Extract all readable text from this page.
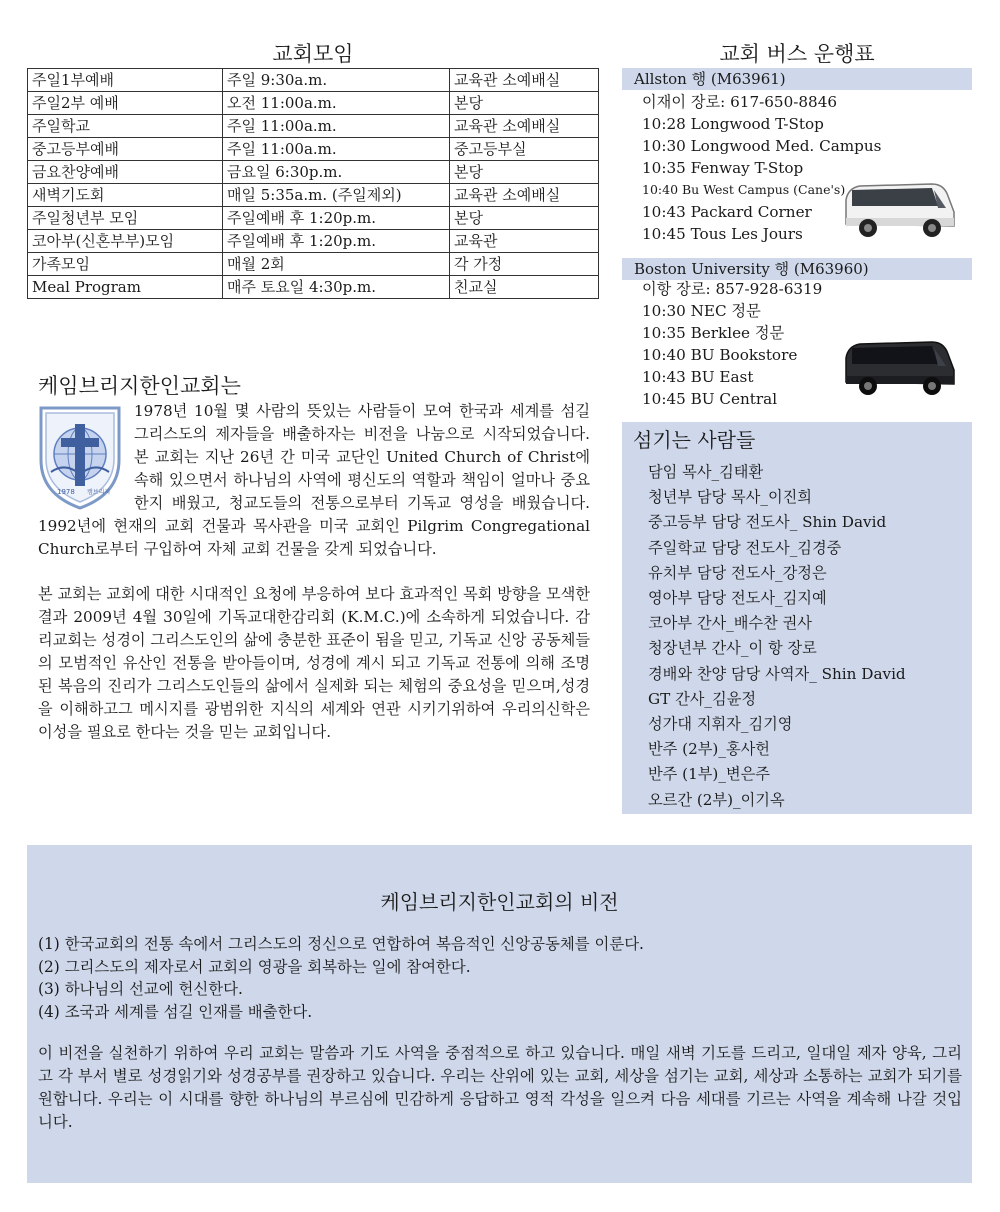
교회모임
주일1부예배	주일 9:30a.m.	교육관 소예배실
주일2부 예배	오전 11:00a.m.	본당
주일학교	주일 11:00a.m.	교육관 소예배실
중고등부예배	주일 11:00a.m.	중고등부실
금요찬양예배	금요일 6:30p.m.	본당
새벽기도회	매일 5:35a.m. (주일제외)	교육관 소예배실
주일청년부 모임	주일예배 후 1:20p.m.	본당
코아부(신혼부부)모임	주일예배 후 1:20p.m.	교육관
가족모임	매월 2회	각 가정
Meal Program	매주 토요일 4:30p.m.	친교실
케임브리지한인교회는

1978년 10월 몇 사람의 뜻있는 사람들이 모여 한국과 세계를 섬길 그리스도의 제자들을 배출하자는 비전을 나눔으로 시작되었습니다. 본 교회는 지난 26년 간 미국 교단인 United Church of Christ에 속해 있으면서 하나님의 사역에 평신도의 역할과 책임이 얼마나 중요한지 배웠고, 청교도들의 전통으로부터 기독교 영성을 배웠습니다. 1992년에 현재의 교회 건물과 목사관을 미국 교회인 Pilgrim Congregational Church로부터 구입하여 자체 교회 건물을 갖게 되었습니다.

본 교회는 교회에 대한 시대적인 요청에 부응하여 보다 효과적인 목회 방향을 모색한 결과 2009년 4월 30일에 기독교대한감리회 (K.M.C.)에 소속하게 되었습니다. 감리교회는 성경이 그리스도인의 삶에 충분한 표준이 됨을 믿고, 기독교 신앙 공동체들의 모범적인 유산인 전통을 받아들이며, 성경에 계시 되고 기독교 전통에 의해 조명된 복음의 진리가 그리스도인들의 삶에서 실제화 되는 체험의 중요성을 믿으며,성경을 이해하고그 메시지를 광범위한 지식의 세계와 연관 시키기위하여 우리의신학은 이성을 필요로 한다는 것을 믿는 교회입니다.

1978 캠브리지
교회 버스 운행표
Allston 행 (M63961)
이재이 장로: 617-650-8846
10:28 Longwood T-Stop
10:30 Longwood Med. Campus
10:35 Fenway T-Stop
10:40 Bu West Campus (Cane's)
10:43 Packard Corner
10:45 Tous Les Jours
Boston University 행 (M63960)
이항 장로: 857-928-6319
10:30 NEC 정문
10:35 Berklee 정문
10:40 BU Bookstore
10:43 BU East
10:45 BU Central
섬기는 사람들
담임 목사_김태환
청년부 담당 목사_이진희
중고등부 담당 전도사_ Shin David
주일학교 담당 전도사_김경중
유치부 담당 전도사_강정은
영아부 담당 전도사_김지예
코아부 간사_배수찬 권사
청장년부 간사_이 항 장로
경배와 찬양 담당 사역자_ Shin David
GT 간사_김윤정
성가대 지휘자_김기영
반주 (2부)_홍사헌
반주 (1부)_변은주
오르간 (2부)_이기옥
케임브리지한인교회의 비전
(1) 한국교회의 전통 속에서 그리스도의 정신으로 연합하여 복음적인 신앙공동체를 이룬다.
(2) 그리스도의 제자로서 교회의 영광을 회복하는 일에 참여한다.
(3) 하나님의 선교에 헌신한다.
(4) 조국과 세계를 섬길 인재를 배출한다.
이 비전을 실천하기 위하여 우리 교회는 말씀과 기도 사역을 중점적으로 하고 있습니다. 매일 새벽 기도를 드리고, 일대일 제자 양육, 그리고 각 부서 별로 성경읽기와 성경공부를 권장하고 있습니다. 우리는 산위에 있는 교회, 세상을 섬기는 교회, 세상과 소통하는 교회가 되기를 원합니다. 우리는 이 시대를 향한 하나님의 부르심에 민감하게 응답하고 영적 각성을 일으켜 다음 세대를 기르는 사역을 계속해 나갈 것입니다.
